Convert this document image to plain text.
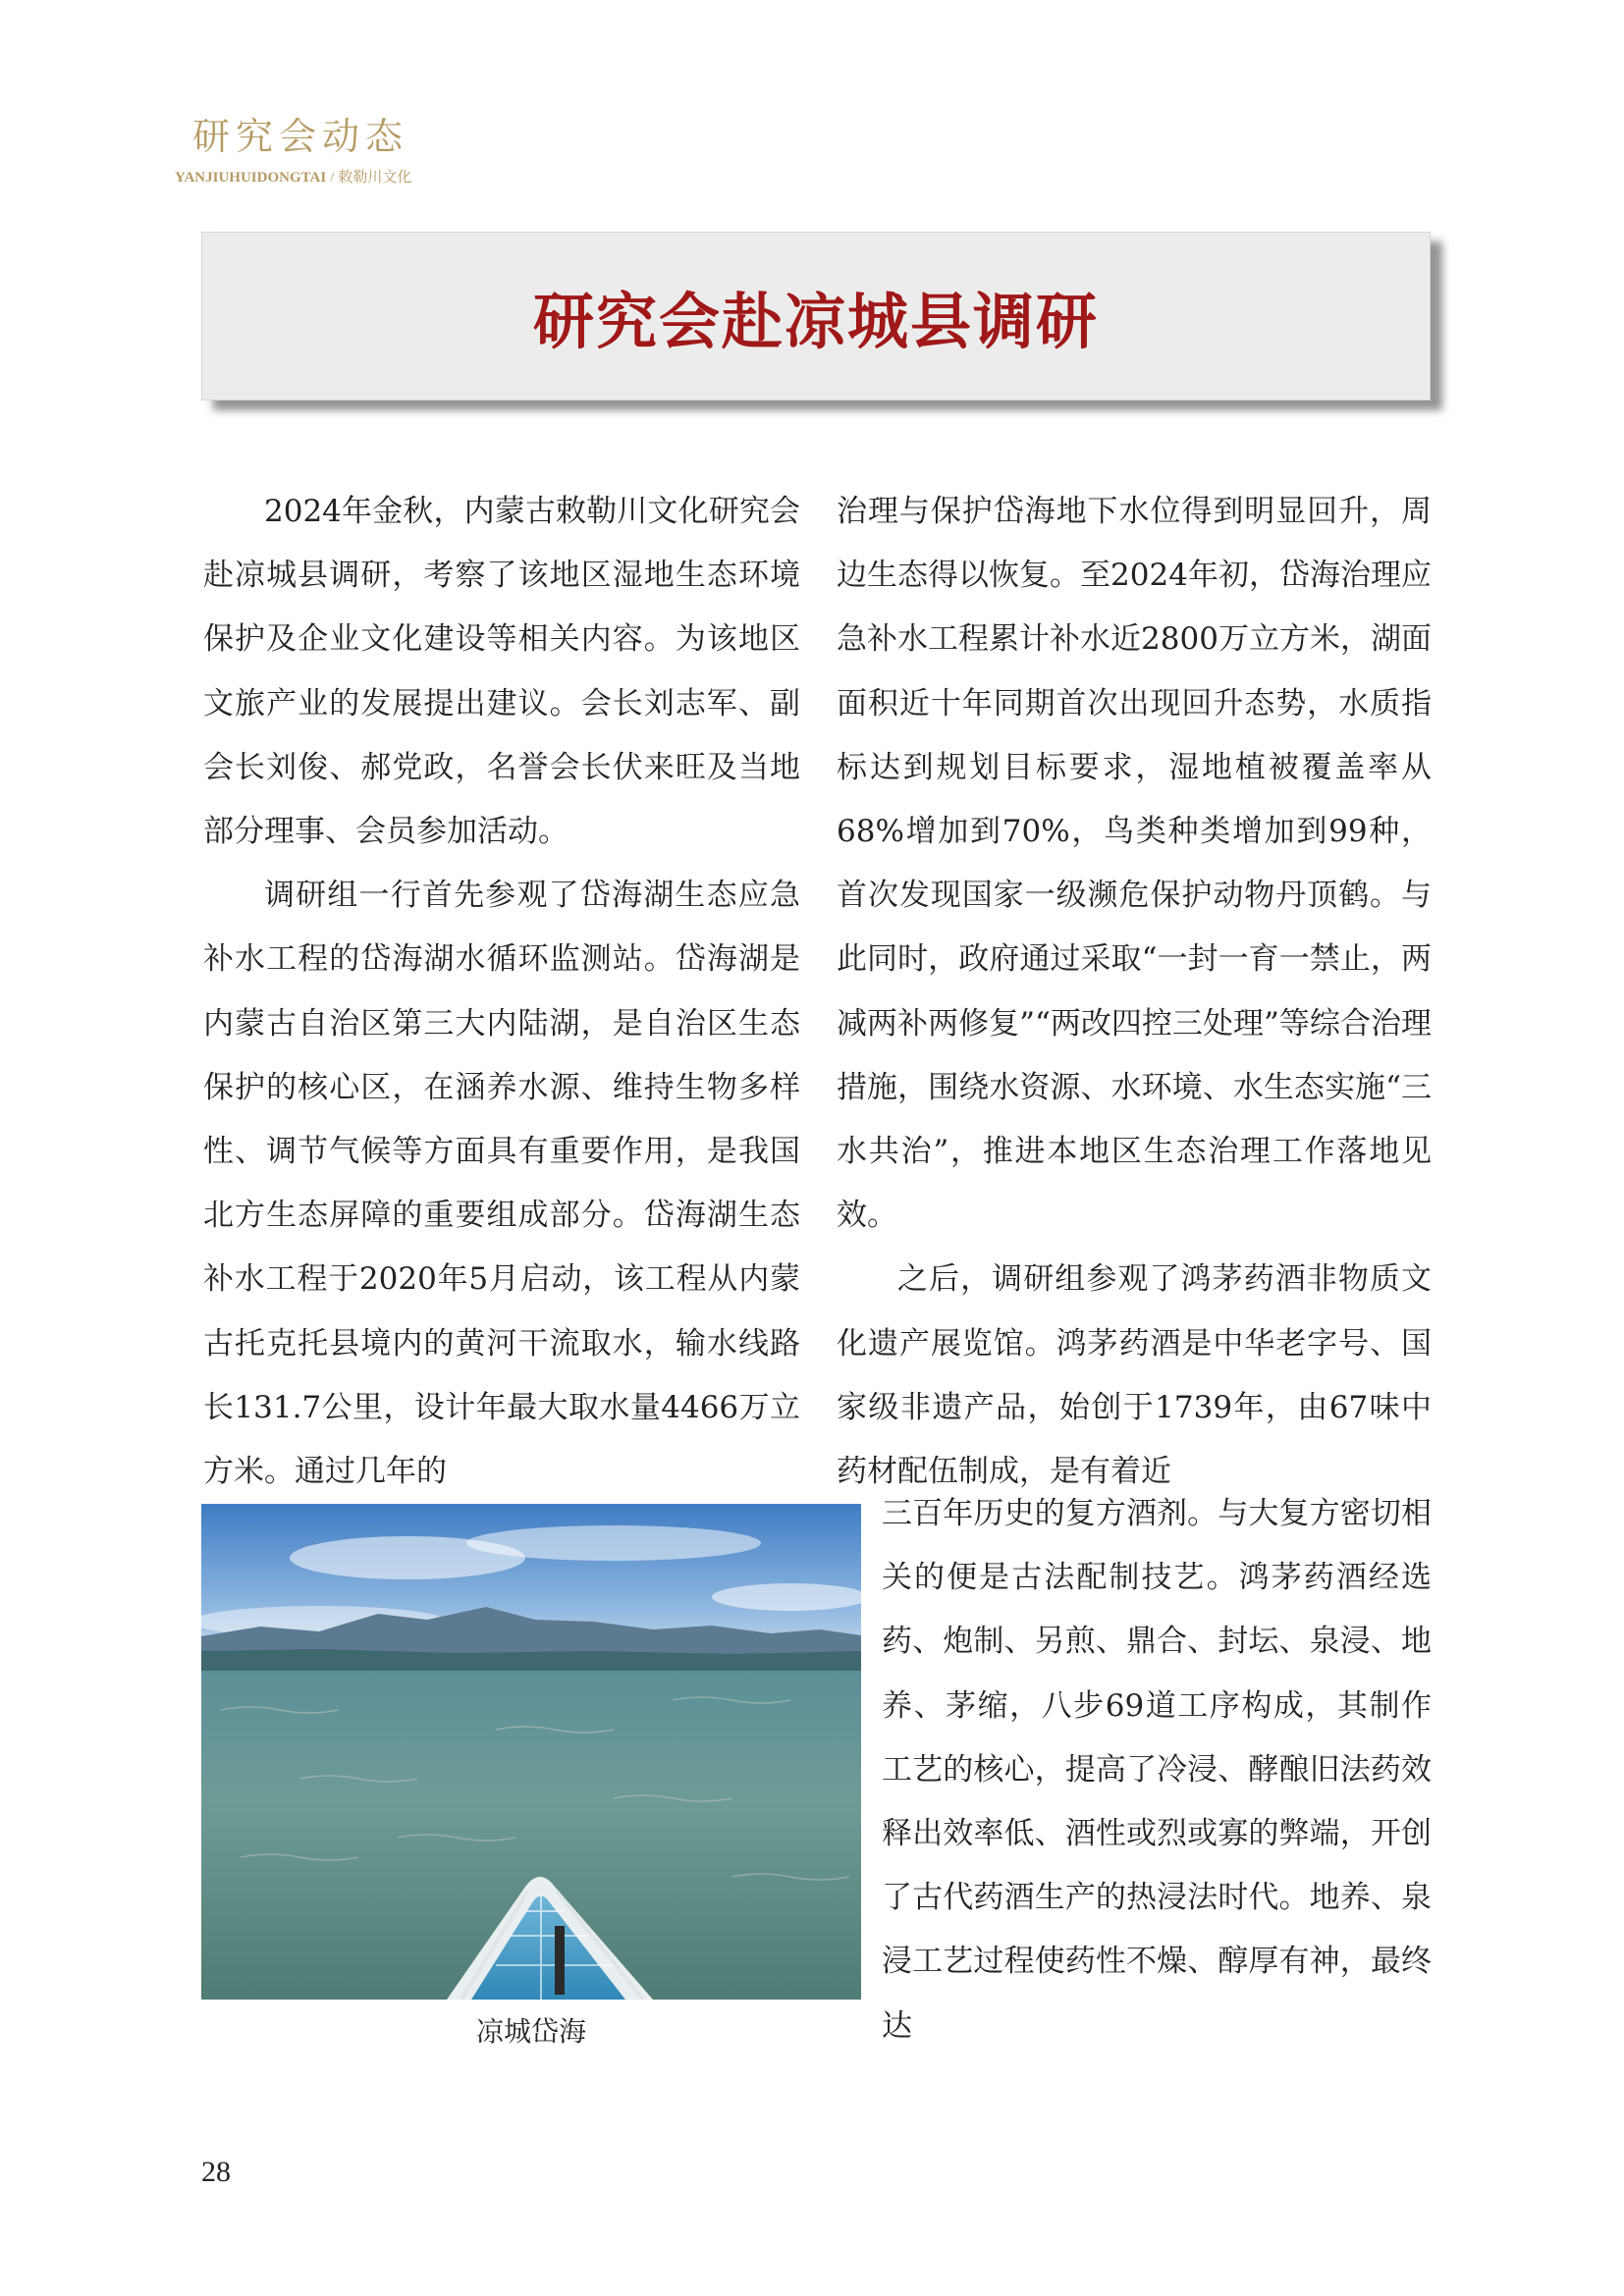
研究会动态

YANJIUHUIDONGTAI / 敕勒川文化
研究会赴凉城县调研

2024年金秋，内蒙古敕勒川文化研究会赴凉城县调研，考察了该地区湿地生态环境保护及企业文化建设等相关内容。为该地区文旅产业的发展提出建议。会长刘志军、副会长刘俊、郝党政，名誉会长伏来旺及当地部分理事、会员参加活动。

调研组一行首先参观了岱海湖生态应急补水工程的岱海湖水循环监测站。岱海湖是内蒙古自治区第三大内陆湖，是自治区生态保护的核心区，在涵养水源、维持生物多样性、调节气候等方面具有重要作用，是我国北方生态屏障的重要组成部分。岱海湖生态补水工程于2020年5月启动，该工程从内蒙古托克托县境内的黄河干流取水，输水线路长131.7公里，设计年最大取水量4466万立方米。通过几年的

治理与保护岱海地下水位得到明显回升，周边生态得以恢复。至2024年初，岱海治理应急补水工程累计补水近2800万立方米，湖面面积近十年同期首次出现回升态势，水质指标达到规划目标要求，湿地植被覆盖率从68%增加到70%，鸟类种类增加到99种，首次发现国家一级濒危保护动物丹顶鹤。与此同时，政府通过采取“一封一育一禁止，两减两补两修复”“两改四控三处理”等综合治理措施，围绕水资源、水环境、水生态实施“三水共治”，推进本地区生态治理工作落地见效。

之后，调研组参观了鸿茅药酒非物质文化遗产展览馆。鸿茅药酒是中华老字号、国家级非遗产品，始创于1739年，由67味中药材配伍制成，是有着近

三百年历史的复方酒剂。与大复方密切相关的便是古法配制技艺。鸿茅药酒经选药、炮制、另煎、鼎合、封坛、泉浸、地养、茅缩，八步69道工序构成，其制作工艺的核心，提高了冷浸、酵酿旧法药效释出效率低、酒性或烈或寡的弊端，开创了古代药酒生产的热浸法时代。地养、泉浸工艺过程使药性不燥、醇厚有神，最终达

凉城岱海

28
